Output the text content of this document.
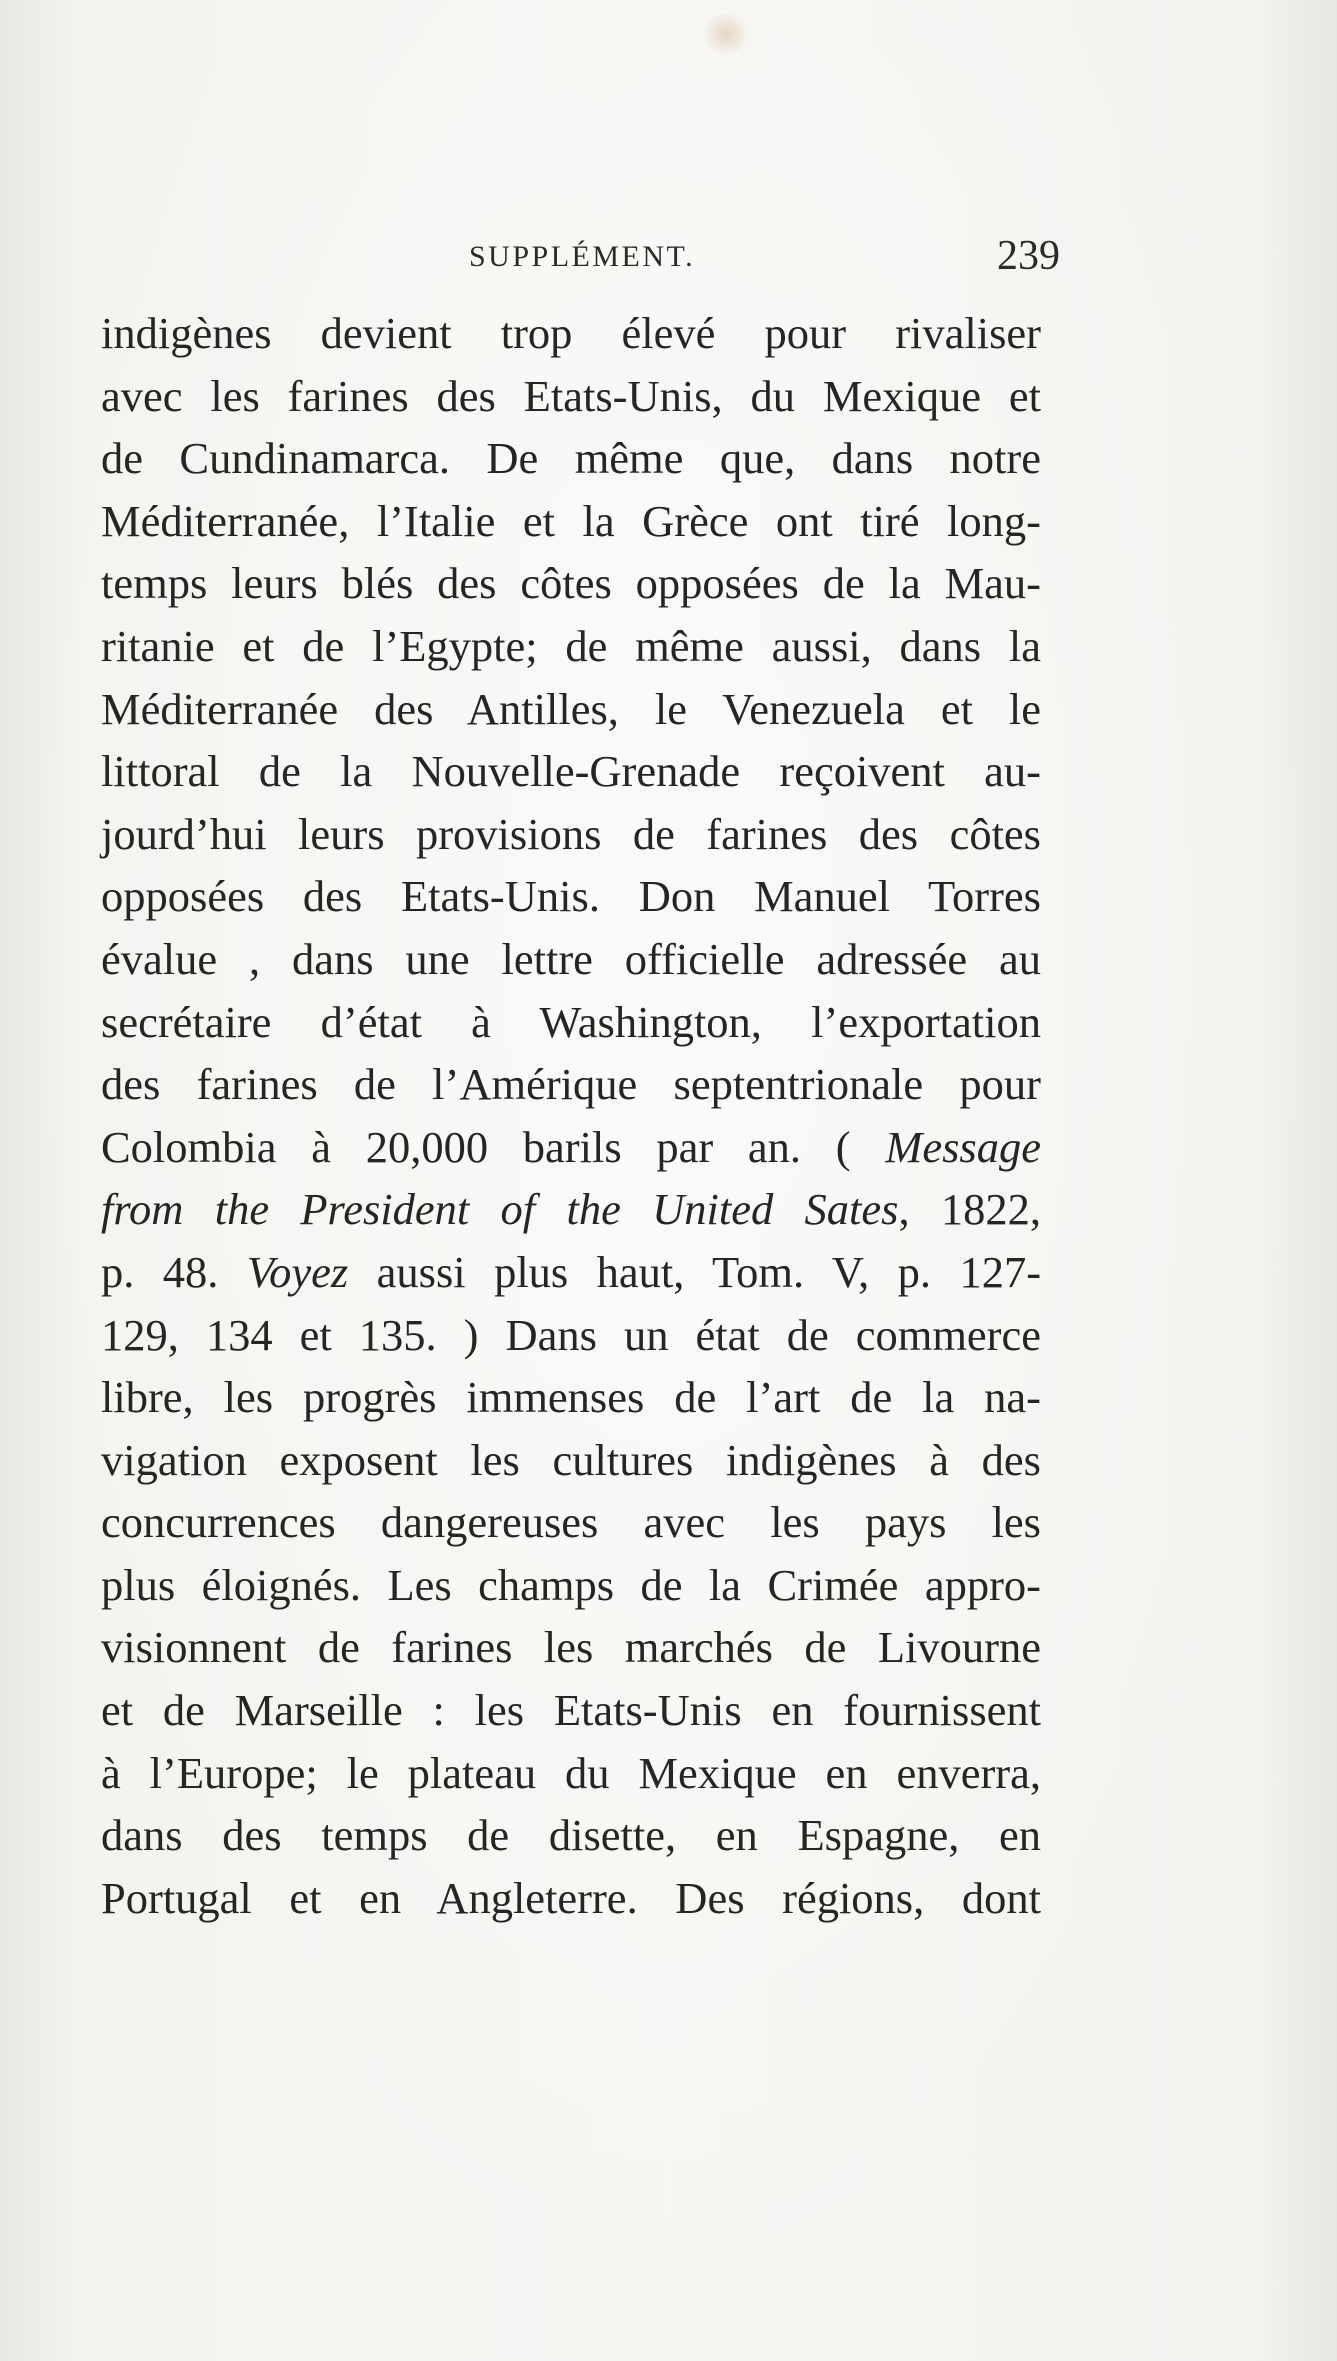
SUPPLÉMENT.	239
indigènes devient trop élevé pour rivaliser
avec les farines des Etats-Unis, du Mexique et
de Cundinamarca. De même que, dans notre
Méditerranée, l’Italie et la Grèce ont tiré long-
temps leurs blés des côtes opposées de la Mau-
ritanie et de l’Egypte; de même aussi, dans la
Méditerranée des Antilles, le Venezuela et le
littoral de la Nouvelle-Grenade reçoivent au-
jourd’hui leurs provisions de farines des côtes
opposées des Etats-Unis. Don Manuel Torres
évalue , dans une lettre officielle adressée au
secrétaire d’état à Washington, l’exportation
des farines de l’Amérique septentrionale pour
Colombia à 20,000 barils par an. ( Message
from the President of the United Sates, 1822,
p. 48. Voyez aussi plus haut, Tom. V, p. 127-
129, 134 et 135. ) Dans un état de commerce
libre, les progrès immenses de l’art de la na-
vigation exposent les cultures indigènes à des
concurrences dangereuses avec les pays les
plus éloignés. Les champs de la Crimée appro-
visionnent de farines les marchés de Livourne
et de Marseille : les Etats-Unis en fournissent
à l’Europe; le plateau du Mexique en enverra,
dans des temps de disette, en Espagne, en
Portugal et en Angleterre. Des régions, dont
